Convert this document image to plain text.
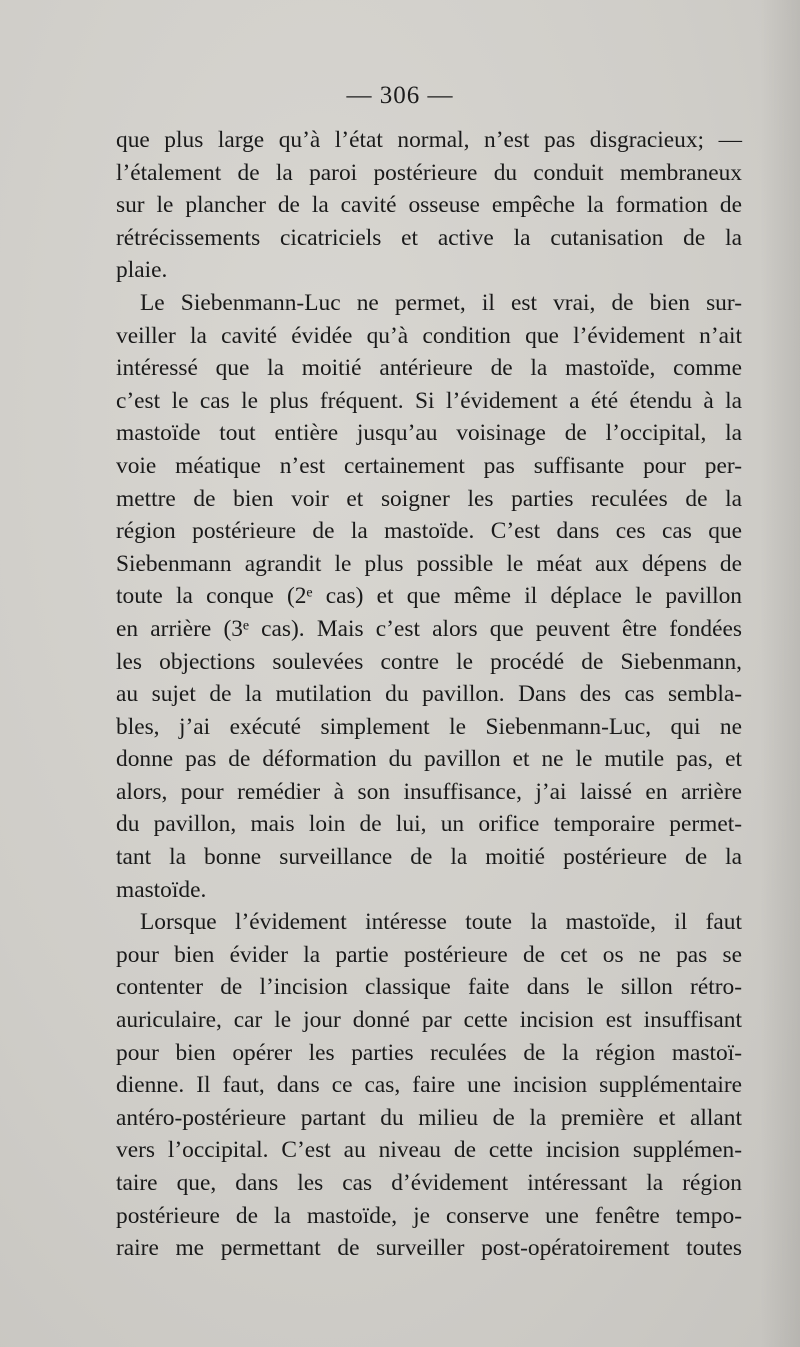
— 306 —
que plus large qu’à l’état normal, n’est pas disgracieux; —
l’étalement de la paroi postérieure du conduit membraneux
sur le plancher de la cavité osseuse empêche la formation de
rétrécissements cicatriciels et active la cutanisation de la
plaie.
Le Siebenmann-Luc ne permet, il est vrai, de bien sur-
veiller la cavité évidée qu’à condition que l’évidement n’ait
intéressé que la moitié antérieure de la mastoïde, comme
c’est le cas le plus fréquent. Si l’évidement a été étendu à la
mastoïde tout entière jusqu’au voisinage de l’occipital, la
voie méatique n’est certainement pas suffisante pour per-
mettre de bien voir et soigner les parties reculées de la
région postérieure de la mastoïde. C’est dans ces cas que
Siebenmann agrandit le plus possible le méat aux dépens de
toute la conque (2ᵉ cas) et que même il déplace le pavillon
en arrière (3ᵉ cas). Mais c’est alors que peuvent être fondées
les objections soulevées contre le procédé de Siebenmann,
au sujet de la mutilation du pavillon. Dans des cas sembla-
bles, j’ai exécuté simplement le Siebenmann-Luc, qui ne
donne pas de déformation du pavillon et ne le mutile pas, et
alors, pour remédier à son insuffisance, j’ai laissé en arrière
du pavillon, mais loin de lui, un orifice temporaire permet-
tant la bonne surveillance de la moitié postérieure de la
mastoïde.
Lorsque l’évidement intéresse toute la mastoïde, il faut
pour bien évider la partie postérieure de cet os ne pas se
contenter de l’incision classique faite dans le sillon rétro-
auriculaire, car le jour donné par cette incision est insuffisant
pour bien opérer les parties reculées de la région mastoï-
dienne. Il faut, dans ce cas, faire une incision supplémentaire
antéro-postérieure partant du milieu de la première et allant
vers l’occipital. C’est au niveau de cette incision supplémen-
taire que, dans les cas d’évidement intéressant la région
postérieure de la mastoïde, je conserve une fenêtre tempo-
raire me permettant de surveiller post-opératoirement toutes
